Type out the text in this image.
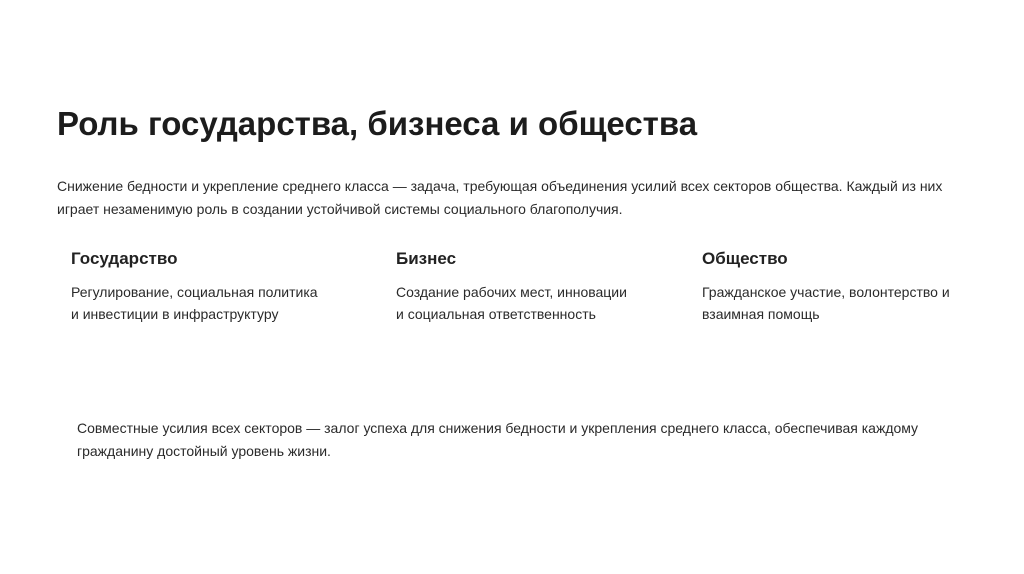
Роль государства, бизнеса и общества

Снижение бедности и укрепление среднего класса — задача, требующая объединения усилий всех секторов общества. Каждый из них
играет незаменимую роль в создании устойчивой системы социального благополучия.

Государство

Регулирование, социальная политика
и инвестиции в инфраструктуру

Бизнес

Создание рабочих мест, инновации
и социальная ответственность

Общество

Гражданское участие, волонтерство и
взаимная помощь

Совместные усилия всех секторов — залог успеха для снижения бедности и укрепления среднего класса, обеспечивая каждому
гражданину достойный уровень жизни.
